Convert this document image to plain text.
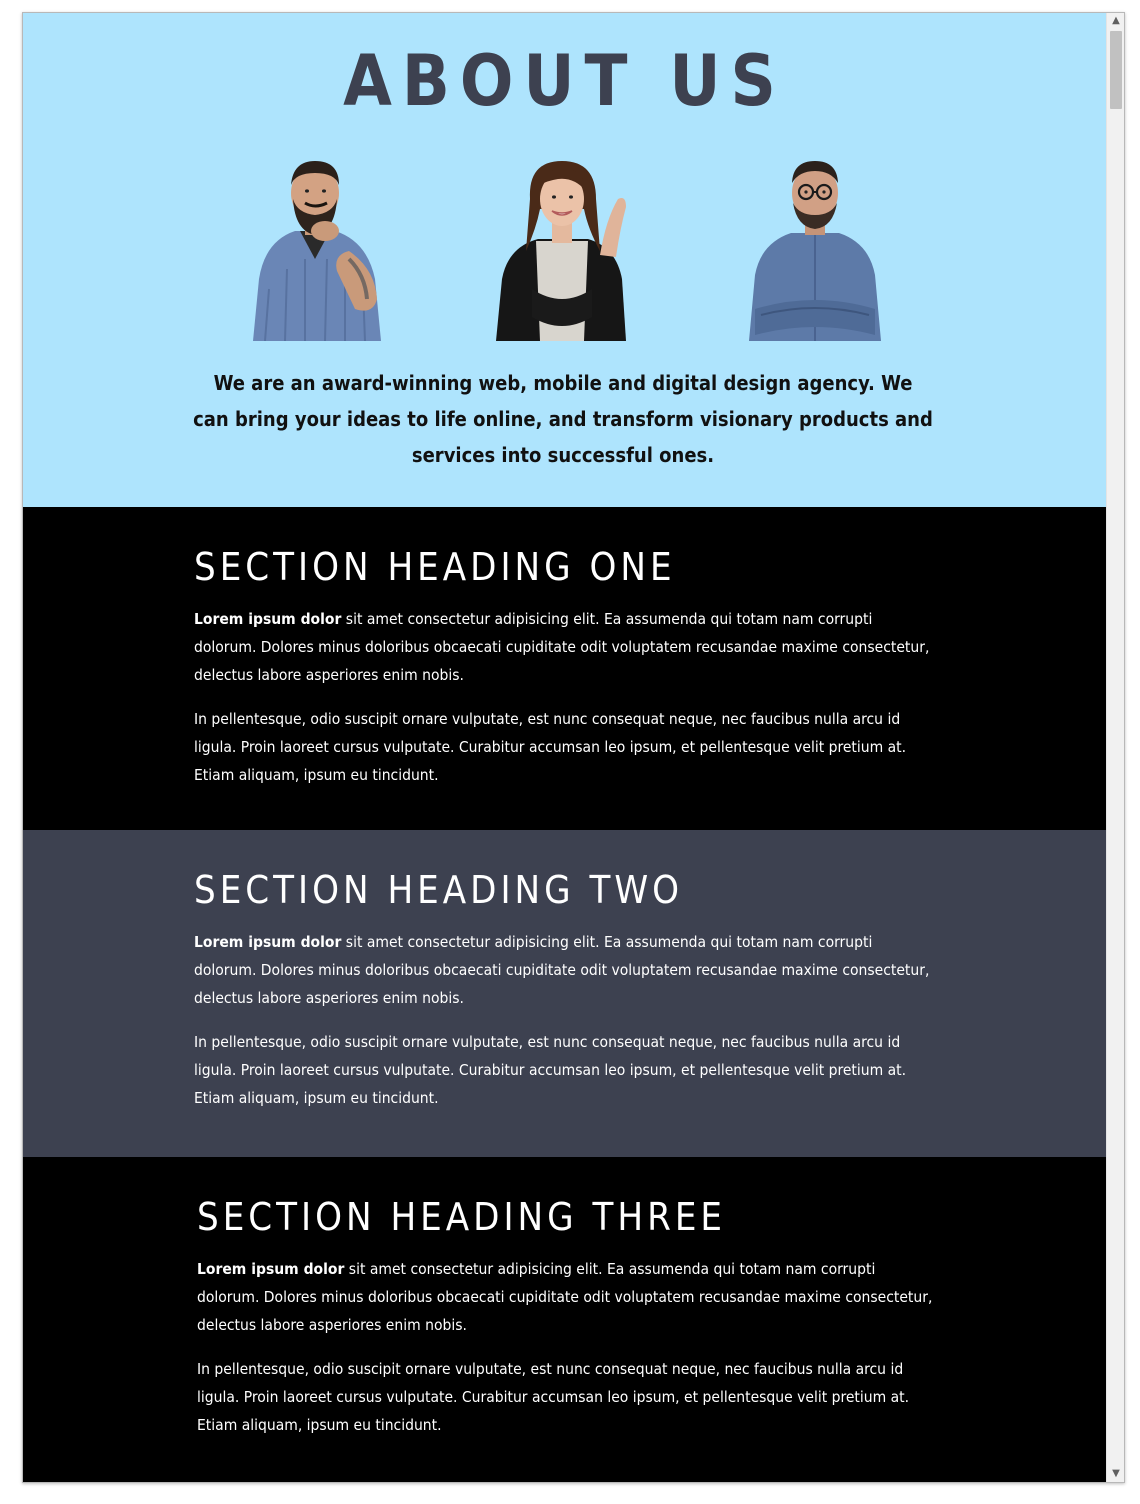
ABOUT US

We are an award-winning web, mobile and digital design agency. We can bring your ideas to life online, and transform visionary products and services into successful ones.

SECTION HEADING ONE

Lorem ipsum dolor sit amet consectetur adipisicing elit. Ea assumenda qui totam nam corrupti dolorum. Dolores minus doloribus obcaecati cupiditate odit voluptatem recusandae maxime consectetur, delectus labore asperiores enim nobis.

In pellentesque, odio suscipit ornare vulputate, est nunc consequat neque, nec faucibus nulla arcu id ligula. Proin laoreet cursus vulputate. Curabitur accumsan leo ipsum, et pellentesque velit pretium at. Etiam aliquam, ipsum eu tincidunt.

SECTION HEADING TWO

Lorem ipsum dolor sit amet consectetur adipisicing elit. Ea assumenda qui totam nam corrupti dolorum. Dolores minus doloribus obcaecati cupiditate odit voluptatem recusandae maxime consectetur, delectus labore asperiores enim nobis.

In pellentesque, odio suscipit ornare vulputate, est nunc consequat neque, nec faucibus nulla arcu id ligula. Proin laoreet cursus vulputate. Curabitur accumsan leo ipsum, et pellentesque velit pretium at. Etiam aliquam, ipsum eu tincidunt.

SECTION HEADING THREE

Lorem ipsum dolor sit amet consectetur adipisicing elit. Ea assumenda qui totam nam corrupti dolorum. Dolores minus doloribus obcaecati cupiditate odit voluptatem recusandae maxime consectetur, delectus labore asperiores enim nobis.

In pellentesque, odio suscipit ornare vulputate, est nunc consequat neque, nec faucibus nulla arcu id ligula. Proin laoreet cursus vulputate. Curabitur accumsan leo ipsum, et pellentesque velit pretium at. Etiam aliquam, ipsum eu tincidunt.

▲
▼
